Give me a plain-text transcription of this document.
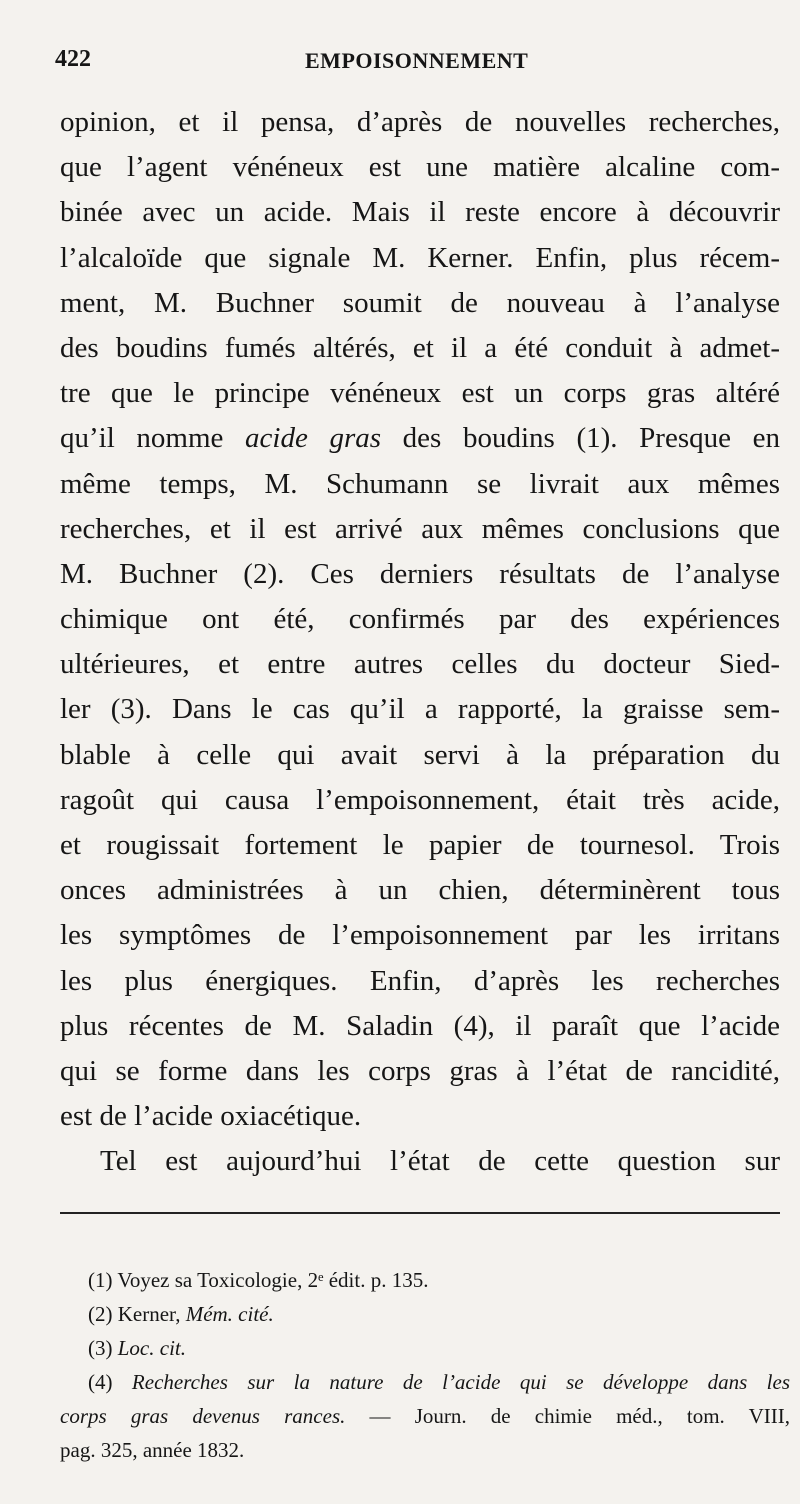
422	EMPOISONNEMENT
opinion, et il pensa, d’après de nouvelles recherches,
que l’agent vénéneux est une matière alcaline com-
binée avec un acide. Mais il reste encore à découvrir
l’alcaloïde que signale M. Kerner. Enfin, plus récem-
ment, M. Buchner soumit de nouveau à l’analyse
des boudins fumés altérés, et il a été conduit à admet-
tre que le principe vénéneux est un corps gras altéré
qu’il nomme acide gras des boudins (1). Presque en
même temps, M. Schumann se livrait aux mêmes
recherches, et il est arrivé aux mêmes conclusions que
M. Buchner (2). Ces derniers résultats de l’analyse
chimique ont été, confirmés par des expériences
ultérieures, et entre autres celles du docteur Sied-
ler (3). Dans le cas qu’il a rapporté, la graisse sem-
blable à celle qui avait servi à la préparation du
ragoût qui causa l’empoisonnement, était très acide,
et rougissait fortement le papier de tournesol. Trois
onces administrées à un chien, déterminèrent tous
les symptômes de l’empoisonnement par les irritans
les plus énergiques. Enfin, d’après les recherches
plus récentes de M. Saladin (4), il paraît que l’acide
qui se forme dans les corps gras à l’état de rancidité,
est de l’acide oxiacétique.
Tel est aujourd’hui l’état de cette question sur
(1) Voyez sa Toxicologie, 2ᵉ édit. p. 135.
(2) Kerner, Mém. cité.
(3) Loc. cit.
(4) Recherches sur la nature de l’acide qui se développe dans les
corps gras devenus rances. — Journ. de chimie méd., tom. VIII,
pag. 325, année 1832.
